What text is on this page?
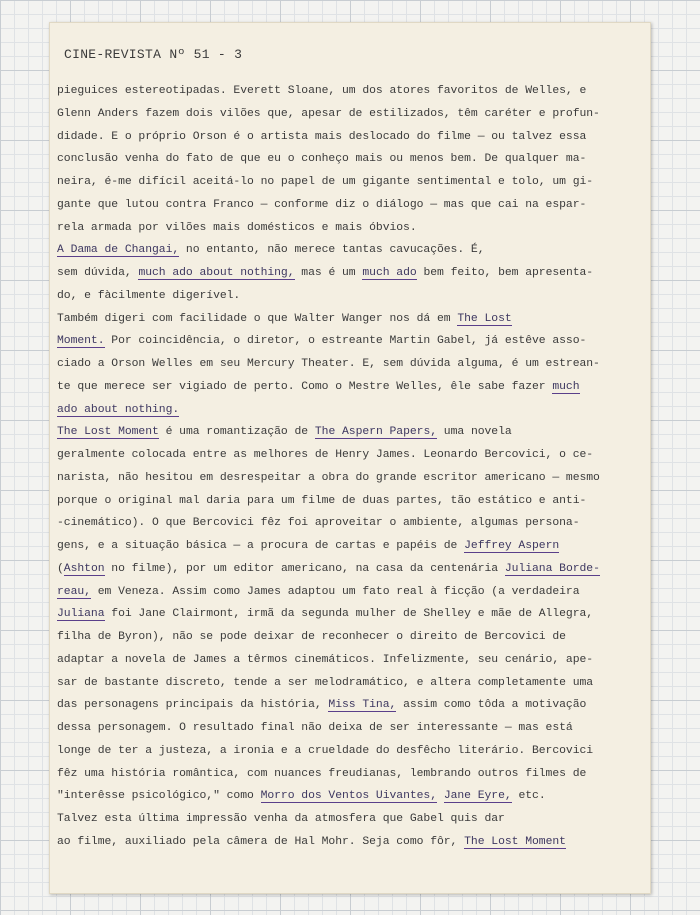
CINE-REVISTA Nº 51 - 3
pieguices estereotipadas. Everett Sloane, um dos atores favoritos de Welles, e
Glenn Anders fazem dois vilões que, apesar de estilizados, têm caréter e profun-
didade. E o próprio Orson é o artista mais deslocado do filme — ou talvez essa
conclusão venha do fato de que eu o conheço mais ou menos bem. De qualquer ma-
neira, é-me difícil aceitá-lo no papel de um gigante sentimental e tolo, um gi-
gante que lutou contra Franco — conforme diz o diálogo — mas que cai na espar-
rela armada por vilões mais domésticos e mais óbvios.
A Dama de Changai, no entanto, não merece tantas cavucações. É,
sem dúvida, much ado about nothing, mas é um much ado bem feito, bem apresenta-
do, e fàcilmente digerível.
Também digeri com facilidade o que Walter Wanger nos dá em The Lost
Moment. Por coincidência, o diretor, o estreante Martin Gabel, já estêve asso-
ciado a Orson Welles em seu Mercury Theater. E, sem dúvida alguma, é um estrean-
te que merece ser vigiado de perto. Como o Mestre Welles, êle sabe fazer much
ado about nothing.
The Lost Moment é uma romantização de The Aspern Papers, uma novela
geralmente colocada entre as melhores de Henry James. Leonardo Bercovici, o ce-
narista, não hesitou em desrespeitar a obra do grande escritor americano — mesmo
porque o original mal daria para um filme de duas partes, tão estático e anti-
-cinemático). O que Bercovici fêz foi aproveitar o ambiente, algumas persona-
gens, e a situação básica — a procura de cartas e papéis de Jeffrey Aspern
(Ashton no filme), por um editor americano, na casa da centenária Juliana Borde-
reau, em Veneza. Assim como James adaptou um fato real à ficção (a verdadeira
Juliana foi Jane Clairmont, irmã da segunda mulher de Shelley e mãe de Allegra,
filha de Byron), não se pode deixar de reconhecer o direito de Bercovici de
adaptar a novela de James a têrmos cinemáticos. Infelizmente, seu cenário, ape-
sar de bastante discreto, tende a ser melodramático, e altera completamente uma
das personagens principais da história, Miss Tina, assim como tôda a motivação
dessa personagem. O resultado final não deixa de ser interessante — mas está
longe de ter a justeza, a ironia e a crueldade do desfêcho literário. Bercovici
fêz uma história romântica, com nuances freudianas, lembrando outros filmes de
"interêsse psicológico," como Morro dos Ventos Uivantes, Jane Eyre, etc.
Talvez esta última impressão venha da atmosfera que Gabel quis dar
ao filme, auxiliado pela câmera de Hal Mohr. Seja como fôr, The Lost Moment
